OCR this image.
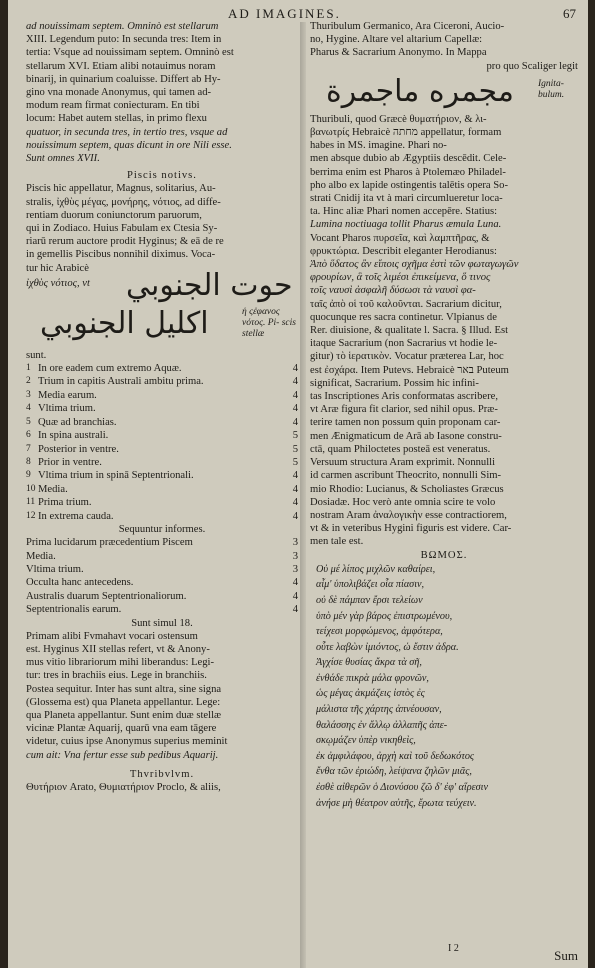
AD IMAGINES.	67

ad nouissimam septem. Omninò est stellarum

XIII. Legendum puto: In secunda tres: Item in

tertia: Vsque ad nouissimam septem. Omninò est

stellarum XVI. Etiam alibi notauimus noram

binarij, in quinarium coaluisse. Differt ab Hy-

gino vna monade Anonymus, qui tamen ad-

modum ream firmat coniecturam. En tibi

locum: Habet autem stellas, in primo flexu

quatuor, in secunda tres, in tertio tres, vsque ad

nouissimum septem, quas dicunt in ore Nili esse.

Sunt omnes XVII.

Piscis notivs.

Piscis hic appellatur, Magnus, solitarius, Au-

stralis, ἰχθὺς μέγας, μονήρης, νότιος, ad diffe-

rentiam duorum coniunctorum paruorum,

qui in Zodiaco. Huius Fabulam ex Ctesia Sy-

riarū rerum auctore prodit Hyginus; & eā de re

in gemellis Piscibus nonnihil diximus. Voca-

tur hic Arabicè

ἰχθὺς νότιος, vt حوت الجنوبي
اكليل الجنوبي	ἡ ςἐφανος νότος. Pi- scis stellæ

sunt.

1 In ore eadem cum extremo Aquæ.	4
2 Trium in capitis Australi ambitu prima.	4
3 Media earum.	4
4 Vltima trium.	4
5 Quæ ad branchias.	4
6 In spina australi.	5
7 Posterior in ventre.	5
8 Prior in ventre.	5
9 Vltima trium in spinā Septentrionali.	4
10 Media.	4
11 Prima trium.	4
12 In extrema cauda.	4

Sequuntur informes.

Prima lucidarum præcedentium Piscem	3
Media.	3
Vltima trium.	3
Occulta hanc antecedens.	4
Australis duarum Septentrionaliorum.	4
Septentrionalis earum.	4

Sunt simul 18.

Primam alibi Fvmahavt vocari ostensum

est. Hyginus XII stellas refert, vt & Anony-

mus vitio librariorum mihi liberandus: Legi-

tur: tres in brachiis eius. Lege in branchiis.

Postea sequitur. Inter has sunt altra, sine signa

(Glossema est) qua Planeta appellantur. Lege:

qua Planeta appellantur. Sunt enim duæ stellæ

vicinæ Plantæ Aquarij, quarū vna eam tāgere

videtur, cuius ipse Anonymus superius meminit

cum ait: Vna fertur esse sub pedibus Aquarij.

Thvribvlvm.

Θυτήριον Arato, Θυμιατήριον Proclo, & aliis,

Thuribulum Germanico, Ara Ciceroni, Aucio-

no, Hygine. Altare vel altarium Capellæ:

Pharus & Sacrarium Anonymo. In Mappa

pro quo Scaliger legit

مجمره ماجمرة	Ignita- bulum.

Thuribuli, quod Græcè θυματήριον, & λι-

βανωτρίς Hebraicè מחתה appellatur, formam

habes in MS. imagine. Phari no-

men absque dubio ab Ægyptiis descēdit. Cele-

berrima enim est Pharos à Ptolemæo Philadel-

pho albo ex lapide ostingentis talētis opera So-

strati Cnidij ita vt à mari circumlueretur loca-

ta. Hinc aliæ Phari nomen accepēre. Statius:

Lumina noctiuaga tollit Pharus æmula Luna.

Vocant Pharos πυρσεῖα, καὶ λαμπτῆρας, &

φρυκτώρια. Describit eleganter Herodianus:

Ἀπὸ ὕδατος ἂν εἴποις σχῆμα ἐστὶ τῶν φωταγωγῶν

φρουρίων, ἃ τοῖς λιμέσι ἐπικείμενα, ὅ τινος

τοῖς ναυσὶ ἀσφαλῆ δύσωσι τὰ ναυσὶ φα-

ταῖς ἀπὸ οἱ τοῦ καλοῦνται. Sacrarium dicitur,

quocunque res sacra continetur. Vlpianus de

Rer. diuisione, & qualitate l. Sacra. § Illud. Est

itaque Sacrarium (non Sacrarius vt hodie le-

gitur) τὸ ἱερατικὸν. Vocatur præterea Lar, hoc

est ἐσχάρα. Item Putevs. Hebraicè באר Puteum

significat, Sacrarium. Possim hic infini-

tas Inscriptiones Aris conformatas ascribere,

vt Aræ figura fit clarior, sed nihil opus. Præ-

terire tamen non possum quin proponam car-

men Ænigmaticum de Arā ab Iasone constru-

ctā, quam Philoctetes posteā est veneratus.

Versuum structura Aram exprimit. Nonnulli

id carmen ascribunt Theocrito, nonnulli Sim-

mio Rhodio: Lucianus, & Scholiastes Græcus

Dosiadæ. Hoc verò ante omnia scire te volo

nostram Aram ἀναλογικὴν esse contractiorem,

vt & in veteribus Hygini figuris est videre. Car-

men tale est.

ΒΩΜΟΣ.

Οὐ μέ λίπος μιχλῶν καθαίρει,

αἷμ' ὑπολιβάζει οἷα πίασιν,

οὐ δὲ πάμπαν ἔρσι τελείων

ὑπὸ μέν γὰρ βάρος ἐπιστρωμένου,

τείχεσι μορφώμενος, ἀμφότερα,

οὗτε λαβὼν ἰμιόντος, ὡ ἔστιν ἀδρα.

Ἀγχίσε θυσίας ἄκρα τὰ σῆ,

ἐνθάδε πικρὰ μάλα φρονῶν,

ὡς μέγας ἀκμάζεις ἰστὸς ἐς

μάλιστα τῆς χάρτης ἀπνέουσαν,

θαλάσσης ἐν ἄλλῳ ἀλλαπῆς ἀπε-

σκῳμάζεν ὑπὲρ νικηθεὶς,

ἐκ ἀμφιλάφου, ἀρχὴ καὶ τοῦ δεδωκότος

ἔνθα τῶν ἐριώδη, λείψανα ζηλῶν μιᾶς,

ἐσθὲ αἰθερῶν ὁ Διονύσου ζῶ δ' ἐφ' αἵρεσιν

ἀνήσε μὴ θέατρον αὐτῆς, ἔρωτα τεύχειν.

I 2	Sum
